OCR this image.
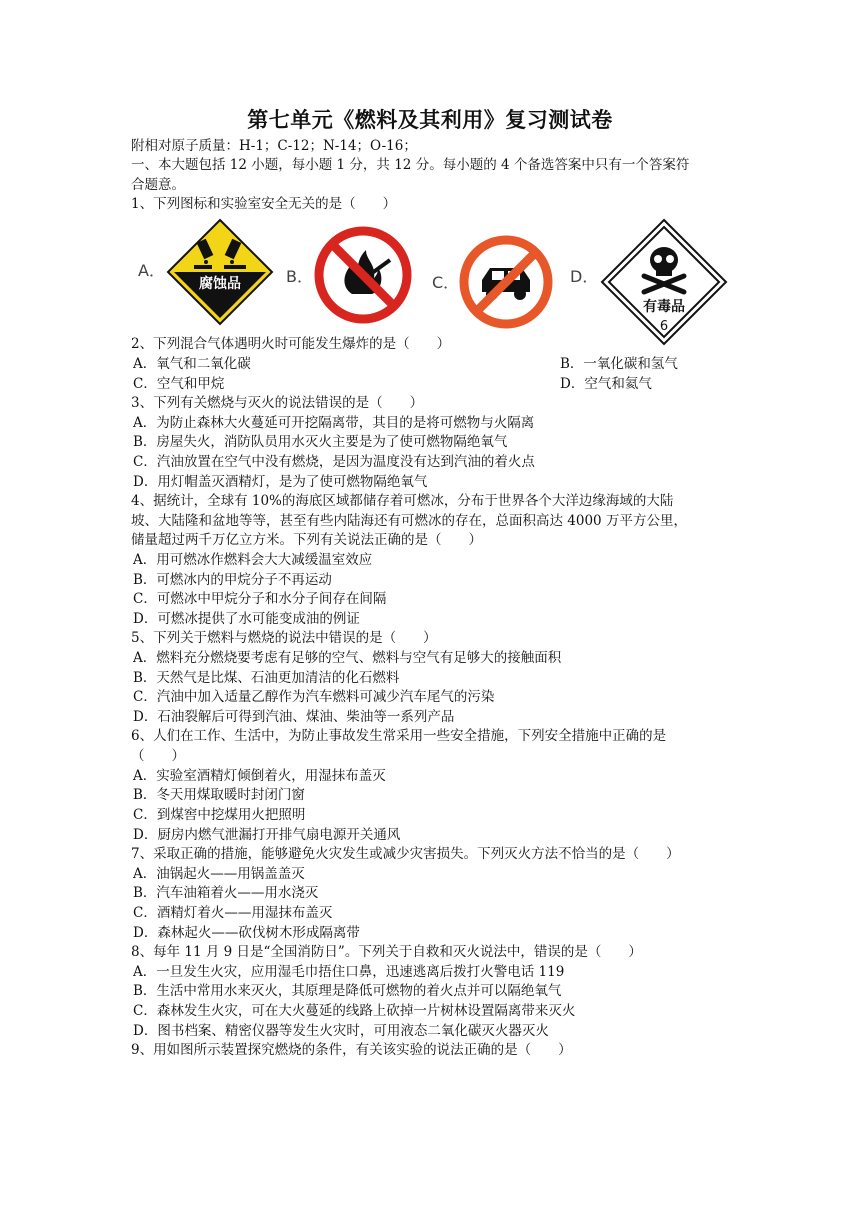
第七单元《燃料及其利用》复习测试卷
附相对原子质量：H-1；C-12；N-14；O-16；
一、本大题包括 12 小题，每小题 1 分，共 12 分。每小题的 4 个备选答案中只有一个答案符
合题意。
1、下列图标和实验室安全无关的是（　　）
A．
腐蚀品	B．	C．	D．
有毒品
6
2、下列混合气体遇明火时可能发生爆炸的是（　　）
A．氧气和二氧化碳	B．一氧化碳和氢气
C．空气和甲烷	D．空气和氦气
3、下列有关燃烧与灭火的说法错误的是（　　）
A．为防止森林大火蔓延可开挖隔离带，其目的是将可燃物与火隔离
B．房屋失火，消防队员用水灭火主要是为了使可燃物隔绝氧气
C．汽油放置在空气中没有燃烧，是因为温度没有达到汽油的着火点
D．用灯帽盖灭酒精灯，是为了使可燃物隔绝氧气
4、据统计，全球有 10%的海底区域都储存着可燃冰，分布于世界各个大洋边缘海域的大陆
坡、大陆隆和盆地等等，甚至有些内陆海还有可燃冰的存在，总面积高达 4000 万平方公里，
储量超过两千万亿立方米。下列有关说法正确的是（　　）
A．用可燃冰作燃料会大大减缓温室效应
B．可燃冰内的甲烷分子不再运动
C．可燃冰中甲烷分子和水分子间存在间隔
D．可燃冰提供了水可能变成油的例证
5、下列关于燃料与燃烧的说法中错误的是（　　）
A．燃料充分燃烧要考虑有足够的空气、燃料与空气有足够大的接触面积
B．天然气是比煤、石油更加清洁的化石燃料
C．汽油中加入适量乙醇作为汽车燃料可减少汽车尾气的污染
D．石油裂解后可得到汽油、煤油、柴油等一系列产品
6、人们在工作、生活中，为防止事故发生常采用一些安全措施，下列安全措施中正确的是
（　　）
A．实验室酒精灯倾倒着火，用湿抹布盖灭
B．冬天用煤取暖时封闭门窗
C．到煤窖中挖煤用火把照明
D．厨房内燃气泄漏打开排气扇电源开关通风
7、采取正确的措施，能够避免火灾发生或减少灾害损失。下列灭火方法不恰当的是（　　）
A．油锅起火——用锅盖盖灭
B．汽车油箱着火——用水浇灭
C．酒精灯着火——用湿抹布盖灭
D．森林起火——砍伐树木形成隔离带
8、每年 11 月 9 日是“全国消防日”。下列关于自救和灭火说法中，错误的是（　　）
A．一旦发生火灾，应用湿毛巾捂住口鼻，迅速逃离后拨打火警电话 119
B．生活中常用水来灭火，其原理是降低可燃物的着火点并可以隔绝氧气
C．森林发生火灾，可在大火蔓延的线路上砍掉一片树林设置隔离带来灭火
D．图书档案、精密仪器等发生火灾时，可用液态二氧化碳灭火器灭火
9、用如图所示装置探究燃烧的条件，有关该实验的说法正确的是（　　）
